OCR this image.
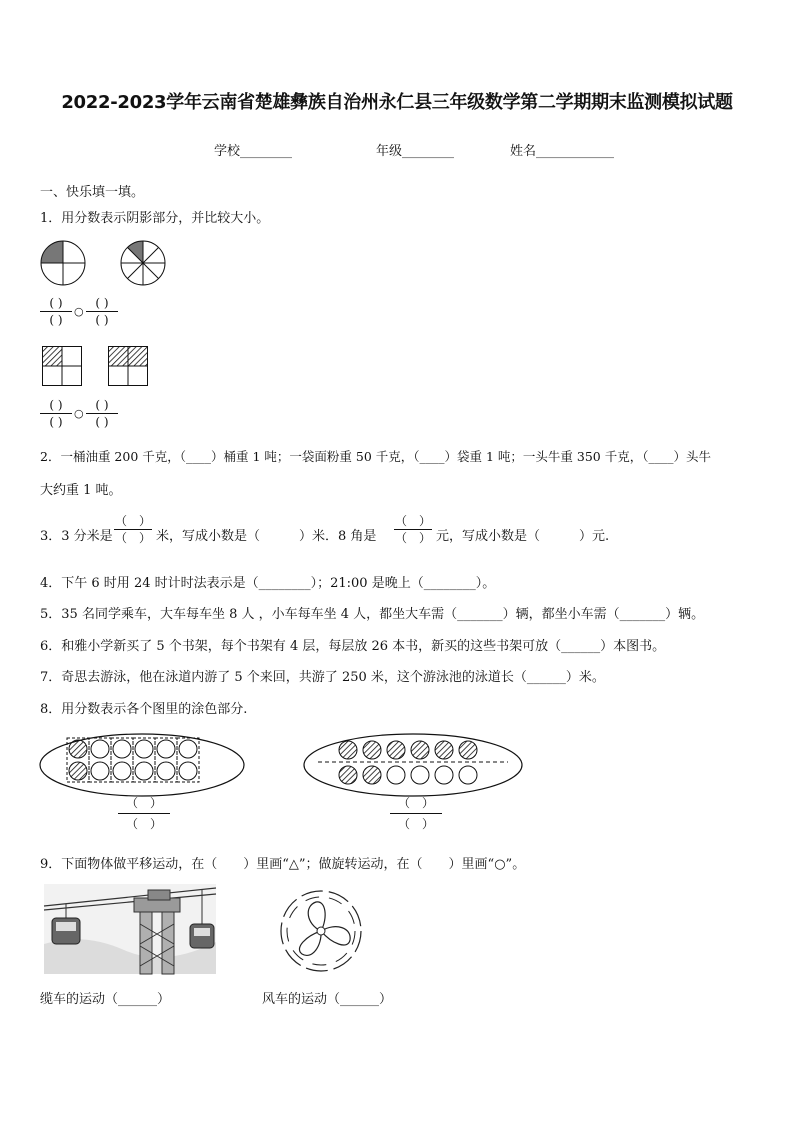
2022-2023学年云南省楚雄彝族自治州永仁县三年级数学第二学期期末监测模拟试题
学校________	年级________	姓名____________
一、快乐填一填。
1．用分数表示阴影部分，并比较大小。
( )
( )
○
( )
( )
( )
( )
○
( )
( )
2．一桶油重 200 千克，（____）桶重 1 吨；一袋面粉重 50 千克，（____）袋重 1 吨；一头牛重 350 千克，（____）头牛
大约重 1 吨。
3．3 分米是
（　）
（　） 米，写成小数是（　　　）米．8 角是
（　）
（　） 元，写成小数是（　　　）元.
4．下午 6 时用 24 时计时法表示是（________）；21:00 是晚上（________）。
5．35 名同学乘车，大车每车坐 8 人 ，小车每车坐 4 人，都坐大车需（_______）辆，都坐小车需（_______）辆。
6．和雅小学新买了 5 个书架，每个书架有 4 层，每层放 26 本书，新买的这些书架可放（______）本图书。
7．奇思去游泳，他在泳道内游了 5 个来回，共游了 250 米，这个游泳池的泳道长（______）米。
8．用分数表示各个图里的涂色部分.
（　）
（　）
（　）
（　）
9．下面物体做平移运动，在（　　）里画“△”；做旋转运动，在（　　）里画“○”。
缆车的运动（______）	风车的运动（______）
